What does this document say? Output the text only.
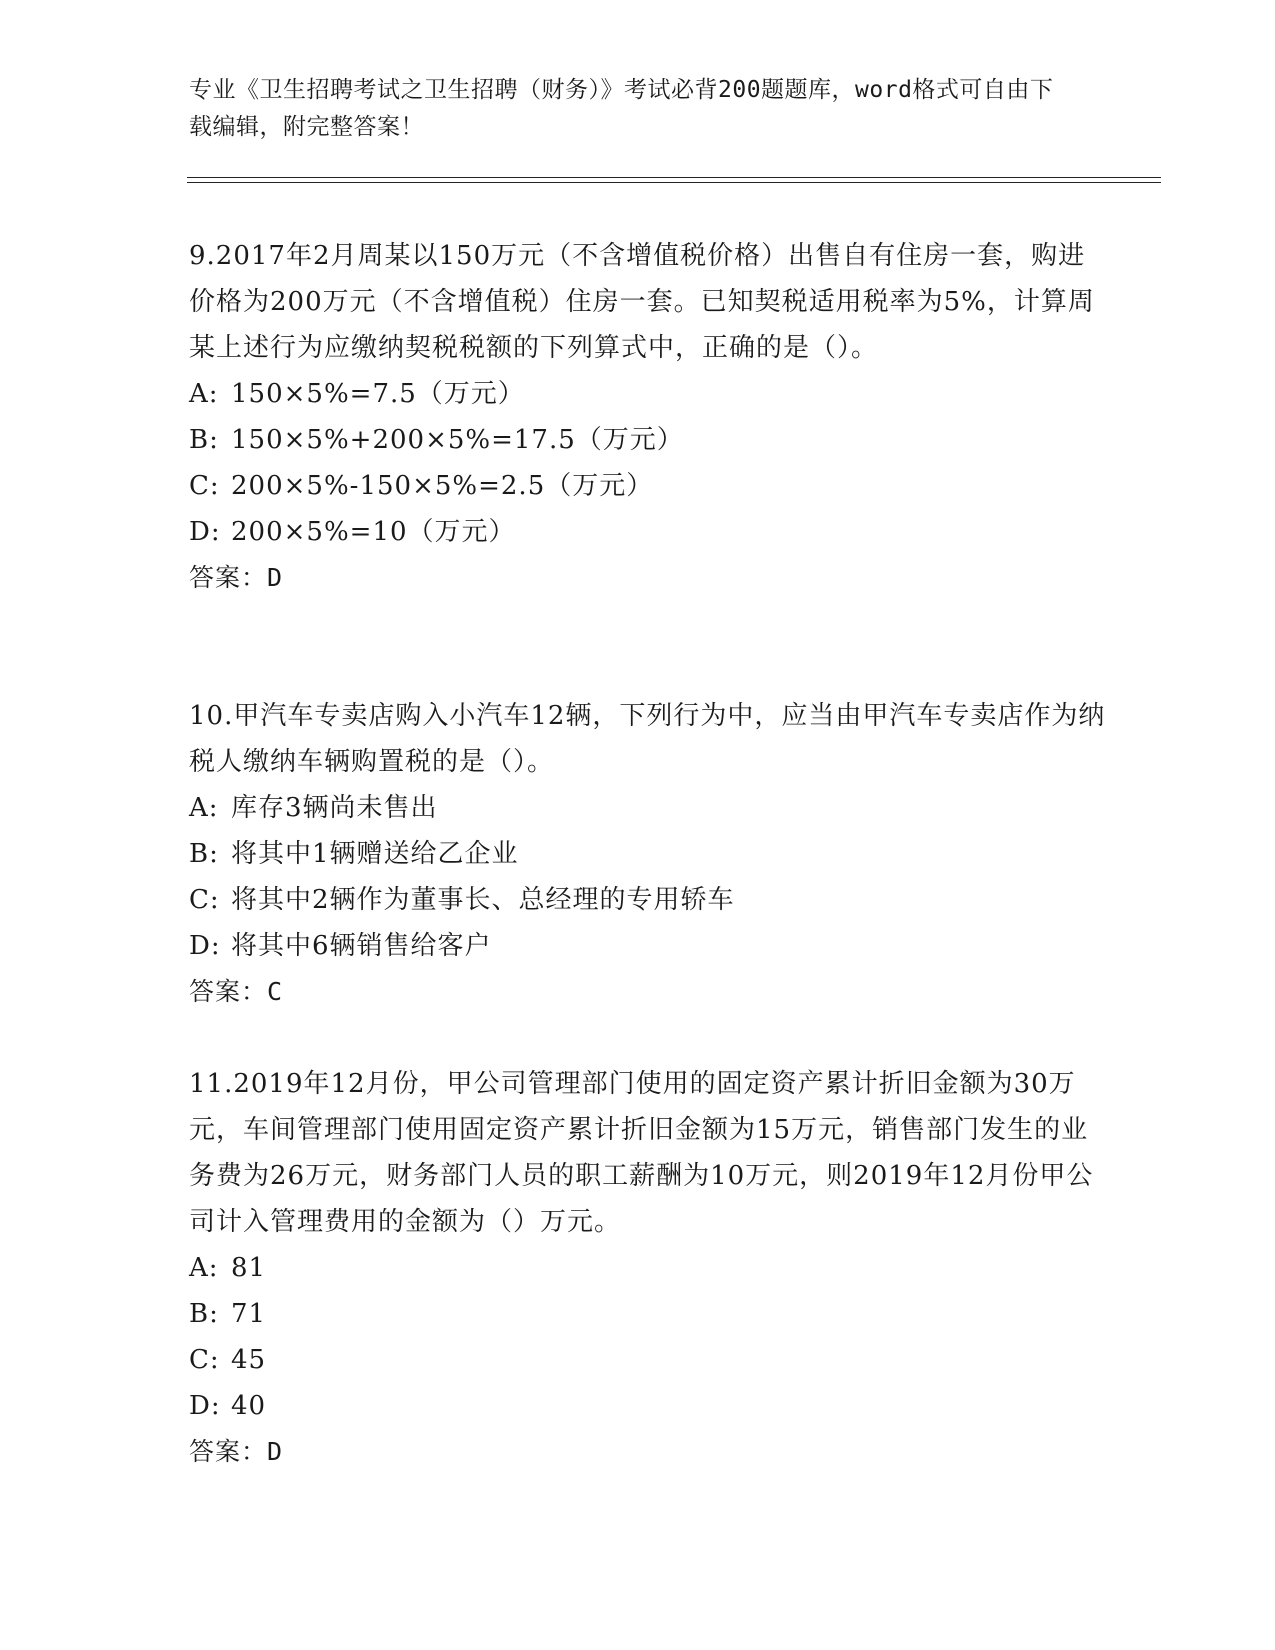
专业《卫生招聘考试之卫生招聘（财务）》考试必背200题题库，word格式可自由下载编辑，附完整答案！

9.2017年2月周某以150万元（不含增值税价格）出售自有住房一套，购进价格为200万元（不含增值税）住房一套。已知契税适用税率为5%，计算周某上述行为应缴纳契税税额的下列算式中，正确的是（）。

A: 150×5%=7.5（万元）
B: 150×5%+200×5%=17.5（万元）
C: 200×5%-150×5%=2.5（万元）
D: 200×5%=10（万元）
答案：D

10.甲汽车专卖店购入小汽车12辆，下列行为中，应当由甲汽车专卖店作为纳税人缴纳车辆购置税的是（）。

A: 库存3辆尚未售出
B: 将其中1辆赠送给乙企业
C: 将其中2辆作为董事长、总经理的专用轿车
D: 将其中6辆销售给客户
答案：C

11.2019年12月份，甲公司管理部门使用的固定资产累计折旧金额为30万元，车间管理部门使用固定资产累计折旧金额为15万元，销售部门发生的业务费为26万元，财务部门人员的职工薪酬为10万元，则2019年12月份甲公司计入管理费用的金额为（）万元。

A: 81
B: 71
C: 45
D: 40
答案：D
